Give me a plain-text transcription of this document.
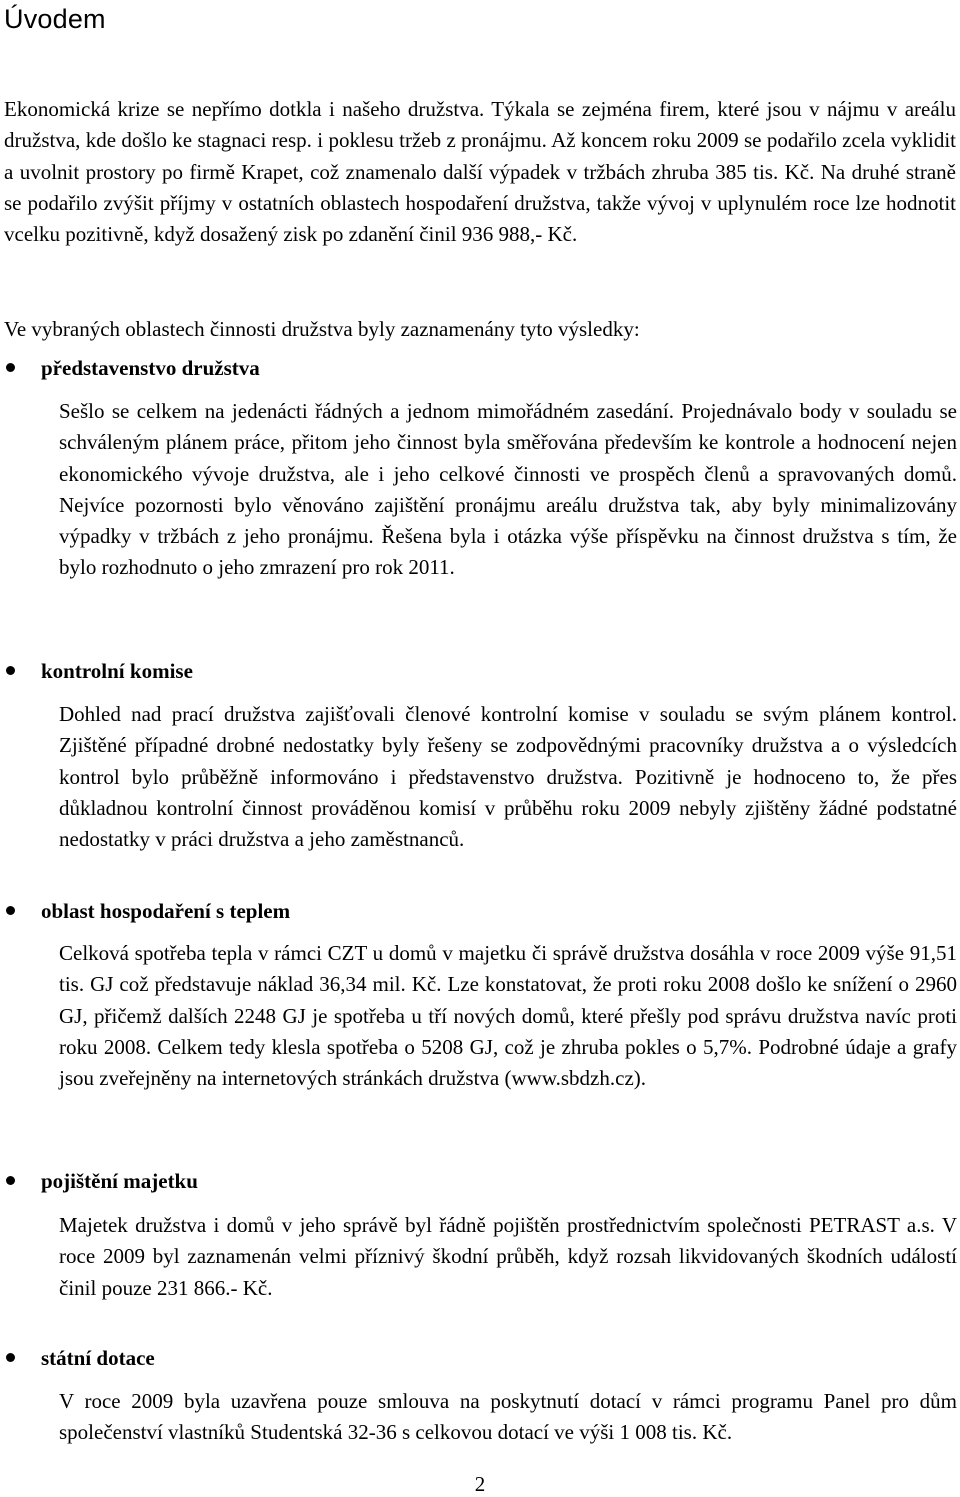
Úvodem

Ekonomická krize se nepřímo dotkla i našeho družstva. Týkala se zejména firem, které jsou v nájmu v areálu družstva, kde došlo ke stagnaci resp. i poklesu tržeb z pronájmu. Až koncem roku 2009 se podařilo zcela vyklidit a uvolnit prostory po firmě Krapet, což znamenalo další výpadek v tržbách zhruba 385 tis. Kč. Na druhé straně se podařilo zvýšit příjmy v ostatních oblastech hospodaření družstva, takže vývoj v uplynulém roce lze hodnotit vcelku pozitivně, když dosažený zisk po zdanění činil 936 988,- Kč.

Ve vybraných oblastech činnosti družstva byly zaznamenány tyto výsledky:

představenstvo družstva

Sešlo se celkem na jedenácti řádných a jednom mimořádném zasedání. Projednávalo body v souladu se schváleným plánem práce, přitom jeho činnost byla směřována především ke kontrole a hodnocení nejen ekonomického vývoje družstva, ale i jeho celkové činnosti ve prospěch členů a spravovaných domů. Nejvíce pozornosti bylo věnováno zajištění pronájmu areálu družstva tak, aby byly minimalizovány výpadky v tržbách z jeho pronájmu. Řešena byla i otázka výše příspěvku na činnost družstva s tím, že bylo rozhodnuto o jeho zmrazení pro rok 2011.

kontrolní komise

Dohled nad prací družstva zajišťovali členové kontrolní komise v souladu se svým plánem kontrol. Zjištěné případné drobné nedostatky byly řešeny se zodpovědnými pracovníky družstva a o výsledcích kontrol bylo průběžně informováno i představenstvo družstva. Pozitivně je hodnoceno to, že přes důkladnou kontrolní činnost prováděnou komisí v průběhu roku 2009 nebyly zjištěny žádné podstatné nedostatky v práci družstva a jeho zaměstnanců.

oblast hospodaření s teplem

Celková spotřeba tepla v rámci CZT u domů v majetku či správě družstva dosáhla v roce 2009 výše 91,51 tis. GJ což představuje náklad 36,34 mil. Kč. Lze konstatovat, že proti roku 2008 došlo ke snížení o 2960 GJ, přičemž dalších 2248 GJ je spotřeba u tří nových domů, které přešly pod správu družstva navíc proti roku 2008. Celkem tedy klesla spotřeba o 5208 GJ, což je zhruba pokles o 5,7%. Podrobné údaje a grafy jsou zveřejněny na internetových stránkách družstva (www.sbdzh.cz).

pojištění majetku

Majetek družstva i domů v jeho správě byl řádně pojištěn prostřednictvím společnosti PETRAST a.s. V roce 2009 byl zaznamenán velmi příznivý škodní průběh, když rozsah likvidovaných škodních událostí činil pouze 231 866.- Kč.

státní dotace

V roce 2009 byla uzavřena pouze smlouva na poskytnutí dotací v rámci programu Panel pro dům společenství vlastníků Studentská 32-36 s celkovou dotací ve výši 1 008 tis. Kč.

2
